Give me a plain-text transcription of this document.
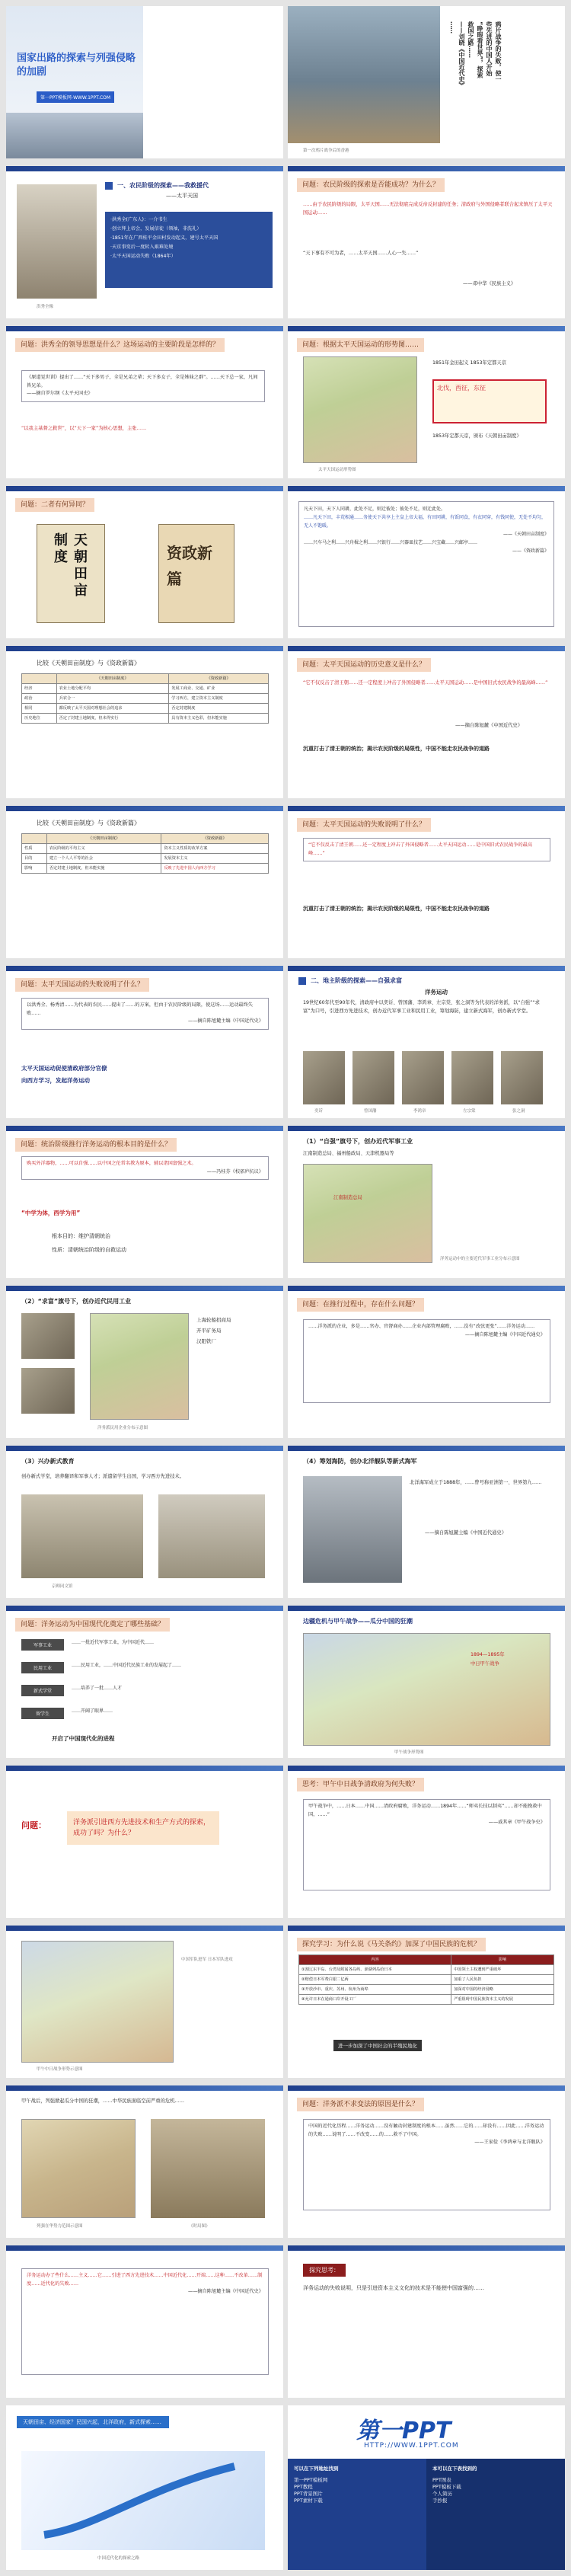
国家出路的探索与列强侵略的加剧
第一PPT模板网-WWW.1PPT.COM
第一次鸦片战争后的香港
鸦片战争的失败，使一
些先进的中国人开始
“睁眼看世界”，探索
救国之路……
——刘晓《中国近代史》
……
洪秀全像
一、农民阶级的探索——我救援代
——太平天国
·洪秀全(广东人)：一介书生
·创立拜上帝会，发展信徒（领袖，非洗礼）
·1851年在广西桂平金田村发动起义，建号太平天国
·天京事变后一度转入艰难处境
·太平天国运动失败（1864年）
问题：农民阶级的探索是否能成功？为什么？
……由于农民阶级的局限，太平天国……无法彻底完成反帝反封建的任务；清政府与外国侵略者联合起来镇压了太平天国运动……
“天下事有不可为者，……太平天国……人心一失……”
——邓中华《民族主义》
问题：洪秀全的领导思想是什么？这场运动的主要阶段是怎样的？
《原道觉世训》提出了……“天下多男子，全是兄弟之辈；天下多女子，全是姊妹之群”。……天下总一家，凡间皆兄弟。
——摘自罗尔纲《太平天国史》
“以我主基督之救世”，以“天下一家”为核心思想，主张……
问题：根据太平天国运动的形势图……
太平天国运动形势图
1851年金田起义 1853年定都天京
北伐，西征，东征
1853年定都天京，颁布《天朝田亩制度》
问题：二者有何异同？
天朝田亩制度	资政新篇
凡天下田，天下人同耕，此处不足，则迁彼处；彼处不足，则迁此处。
……凡天下田，丰荒相通……务使天下共享上主皇上帝大福，有田同耕，有饭同食，有衣同穿，有钱同使，无处不均匀，无人不饱暖。
——《天朝田亩制度》
……兴车马之利……兴舟楫之利……兴银行……兴器皿技艺……兴宝藏……兴邮亭……
——《资政新篇》
比较《天朝田亩制度》与《资政新篇》
	《天朝田亩制度》	《资政新篇》
经济	农业土地分配平均	发展工商业、交通、矿业
政治	兵农合一	学习西方，建立资本主义制度
相同	都反映了太平天国对理想社会的追求	否定封建制度
历史地位	否定了封建土地制度，但未得实行	具有资本主义色彩，但未能实施
问题：太平天国运动的历史意义是什么？
“它不仅反击了清王朝……还一定程度上冲击了外国侵略者……太平天国运动……是中国旧式农民战争的最高峰……”
——摘自陈旭麓《中国近代史》
沉重打击了清王朝的统治；揭示农民阶级的局限性，中国不能走农民战争的道路
比较《天朝田亩制度》与《资政新篇》
	《天朝田亩制度》	《资政新篇》
性质	农民阶级的平均主义	资本主义性质的改革方案
目的	建立一个人人平等的社会	发展资本主义
影响	否定封建土地制度，但未能实施	反映了先进中国人向西方学习
问题：太平天国运动的失败说明了什么？
“它不仅反击了清王朝……还一定程度上冲击了外国侵略者……太平天国运动……是中国旧式农民战争的最高峰……”
沉重打击了清王朝的统治；揭示农民阶级的局限性，中国不能走农民战争的道路
问题：太平天国运动的失败说明了什么？
以洪秀全、杨秀清……为代表的农民……提出了……的方案，但由于农民阶级的局限，使这场……运动最终失败……

——摘自陈旭麓主编《中国近代史》
太平天国运动促使清政府部分官僚
向西方学习，发起洋务运动
二、地主阶级的探索——自强求富
洋务运动
19世纪60年代至90年代，清政府中以奕䜣、曾国藩、李鸿章、左宗棠、张之洞等为代表的洋务派，以“自强”“求富”为口号，引进西方先进技术，创办近代军事工业和民用工业，筹划海防，建立新式海军，创办新式学堂。
奕䜣	曾国藩	李鸿章	左宗棠	张之洞
问题：统治阶级推行洋务运动的根本目的是什么？
购买外洋器物，……可以自强……以中国之伦常名教为原本，辅以诸国富强之术。

——冯桂芬《校邠庐抗议》
“中学为体，西学为用”
根本目的：维护清朝统治
性质：清朝统治阶级的自救运动
（1）“自强”旗号下，创办近代军事工业
江南制造总局、福州船政局、天津机器局等
江南制造总局
洋务运动中的主要近代军事工业分布示意图
（2）“求富”旗号下，创办近代民用工业
上海轮船招商局
开平矿务局
汉阳铁厂
洋务派民用企业分布示意图
问题：在推行过程中，存在什么问题？
……洋务派的企业，多是……官办、官督商办……企业内部管理腐败，……没有“改弦更张”……洋务运动……

——摘自陈旭麓主编《中国近代通史》
（3）兴办新式教育
创办新式学堂，培养翻译和军事人才；派遣留学生出国，学习西方先进技术。
京师同文馆
（4）筹划海防，创办北洋舰队等新式海军
北洋海军成立于1888年，……曾号称亚洲第一、世界第九……
——摘自陈旭麓主编《中国近代通史》
问题：洋务运动为中国现代化奠定了哪些基础？
军事工业
……一批近代军事工业，为中国近代……
民用工业
……民用工业，……中国近代民族工业的发展起了……
新式学堂
……培养了一批……人才
留学生
……开阔了眼界……
开启了中国现代化的进程
边疆危机与甲午战争——瓜分中国的狂潮
1894—1895年
中日甲午战争
甲午战争形势图
问题：	洋务派引进西方先进技术和生产方式的探索，成功了吗？为什么？
思考：甲午中日战争清政府为何失败？
甲午战争中，……日本……中国……清政府腐败，洋务运动……1894年……“师夷长技以制夷”……却不能挽救中国，……”

——戚其章《甲午战争史》
中国军队进军 日本军队进攻
甲午中日战争形势示意图
探究学习：为什么说《马关条约》加深了中国民族的危机？
内容	影响
①割辽东半岛、台湾及附属各岛屿、澎湖列岛给日本	中国领土主权遭到严重破坏
②赔偿日本军费白银二亿两	加重了人民负担
③开放沙市、重庆、苏州、杭州为商埠	加深对中国的经济侵略
④允许日本在通商口岸开设工厂	严重阻碍中国民族资本主义的发展
进一步加深了中国社会的半殖民地化
甲午战后，列强掀起瓜分中国的狂潮，……中华民族面临空前严重的危机……
列强在华势力范围示意图	《时局图》
问题：洋务派不求变法的原因是什么？
中国的近代化历程……洋务运动……没有触动封建制度的根本……虽然……它的……却没有……因此……洋务运动的失败……说明了……不改变……的……救不了中国。

——王家俭《李鸿章与北洋舰队》
洋务运动办了些什么……主义……它……引进了西方先进技术……中国近代化……开端……这种……不改革……制度……近代化的失败……

——摘自陈旭麓主编《中国近代史》
探究思考：
洋务运动的失败说明，只是引进资本主义文化的技术是不能使中国富强的……
天朝田亩、经济国家？民国兴起，北洋政府，新式探索……
中国近代化的探索之路
第一PPT
HTTP://WWW.1PPT.COM
可以在下列地址找到
第一PPT模板网
PPT教程
PPT背景图片
PPT素材下载
本可以在下表找到的
PPT图表
PPT模板下载
个人简历
手抄报
